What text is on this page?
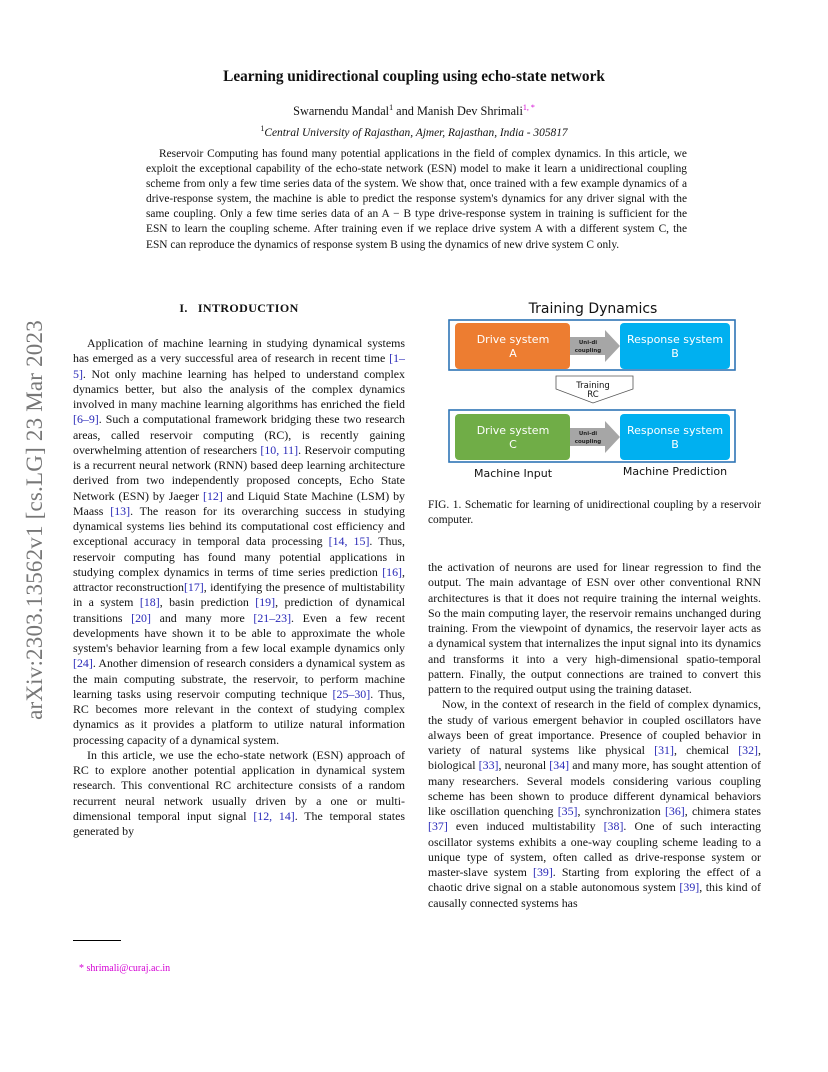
arXiv:2303.13562v1 [cs.LG] 23 Mar 2023
Learning unidirectional coupling using echo-state network
Swarnendu Mandal$^1$ and Manish Dev Shrimali$^{1, *}$
$^1$Central University of Rajasthan, Ajmer, Rajasthan, India - 305817
Reservoir Computing has found many potential applications in the field of complex dynamics. In this article, we exploit the exceptional capability of the echo-state network (ESN) model to make it learn a unidirectional coupling scheme from only a few time series data of the system. We show that, once trained with a few example dynamics of a drive-response system, the machine is able to predict the response system's dynamics for any driver signal with the same coupling. Only a few time series data of an A − B type drive-response system in training is sufficient for the ESN to learn the coupling scheme. After training even if we replace drive system A with a different system C, the ESN can reproduce the dynamics of response system B using the dynamics of new drive system C only.
I. INTRODUCTION

Application of machine learning in studying dynamical systems has emerged as a very successful area of research in recent time [1–5]. Not only machine learning has helped to understand complex dynamics better, but also the analysis of the complex dynamics involved in many machine learning algorithms has enriched the field [6–9]. Such a computational framework bridging these two research areas, called reservoir computing (RC), is recently gaining overwhelming attention of researchers [10, 11]. Reservoir computing is a recurrent neural network (RNN) based deep learning architecture derived from two independently proposed concepts, Echo State Network (ESN) by Jaeger [12] and Liquid State Machine (LSM) by Maass [13]. The reason for its overarching success in studying dynamical systems lies behind its computational cost efficiency and exceptional accuracy in temporal data processing [14, 15]. Thus, reservoir computing has found many potential applications in studying complex dynamics in terms of time series prediction [16], attractor reconstruction[17], identifying the presence of multistability in a system [18], basin prediction [19], prediction of dynamical transitions [20] and many more [21–23]. Even a few recent developments have shown it to be able to approximate the whole system's behavior learning from a few local example dynamics only [24]. Another dimension of research considers a dynamical system as the main computing substrate, the reservoir, to perform machine learning tasks using reservoir computing technique [25–30]. Thus, RC becomes more relevant in the context of studying complex dynamics as it provides a platform to utilize natural information processing capacity of a dynamical system.

In this article, we use the echo-state network (ESN) approach of RC to explore another potential application in dynamical system research. This conventional RC architecture consists of a random recurrent neural network usually driven by a one or multi-dimensional temporal input signal [12, 14]. The temporal states generated by

* shrimali@curaj.ac.in
Training Dynamics
Drive system
A
Uni-di
coupling
Response system
B
Training
RC
Drive system
C
Uni-di
coupling
Response system
B
Machine Input	Machine Prediction
FIG. 1. Schematic for learning of unidirectional coupling by a reservoir computer.

the activation of neurons are used for linear regression to find the output. The main advantage of ESN over other conventional RNN architectures is that it does not require training the internal weights. So the main computing layer, the reservoir remains unchanged during training. From the viewpoint of dynamics, the reservoir layer acts as a dynamical system that internalizes the input signal into its dynamics and transforms it into a very high-dimensional spatio-temporal pattern. Finally, the output connections are trained to convert this pattern to the required output using the training dataset.

Now, in the context of research in the field of complex dynamics, the study of various emergent behavior in coupled oscillators have always been of great importance. Presence of coupled behavior in variety of natural systems like physical [31], chemical [32], biological [33], neuronal [34] and many more, has sought attention of many researchers. Several models considering various coupling scheme has been shown to produce different dynamical behaviors like oscillation quenching [35], synchronization [36], chimera states [37] even induced multistability [38]. One of such interacting oscillator systems exhibits a one-way coupling scheme leading to a unique type of system, often called as drive-response system or master-slave system [39]. Starting from exploring the effect of a chaotic drive signal on a stable autonomous system [39], this kind of causally connected systems has
